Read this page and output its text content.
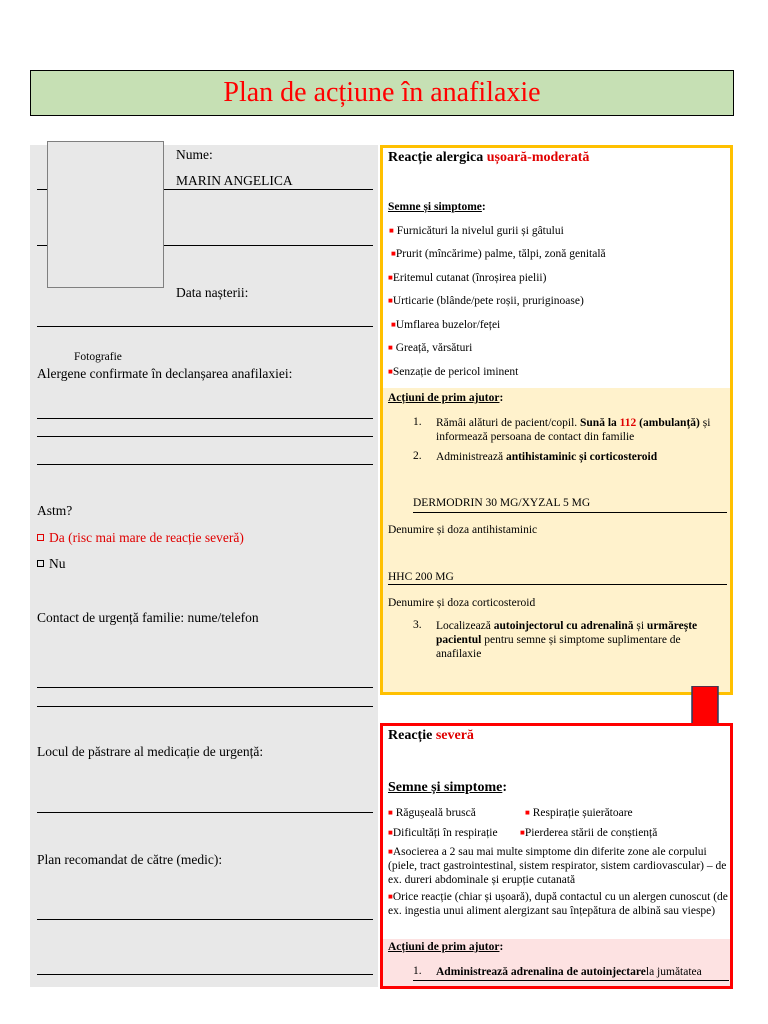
Plan de acțiune în anafilaxie
Nume:
MARIN ANGELICA
Data nașterii:
Alergene confirmate în declanșarea anafilaxiei:
Fotografie
Astm?
Da (risc mai mare de reacție severă)
Nu
Contact de urgență familie: nume/telefon
Locul de păstrare al medicație de urgență:
Plan recomandat de către (medic):
Reacție alergica ușoară-moderată
Semne și simptome:
■ Furnicături la nivelul gurii și gâtului
■Prurit (mîncărime) palme, tălpi, zonă genitală
■Eritemul cutanat (înroșirea pielii)
■Urticarie (blânde/pete roșii, pruriginoase)
■Umflarea buzelor/feței
■ Greață, vărsături
■Senzație de pericol iminent
Acțiuni de prim ajutor:
1. Rămâi alături de pacient/copil. Sună la 112 (ambulanță) și informează persoana de contact din familie
2. Administrează antihistaminic și corticosteroid
DERMODRIN 30 MG/XYZAL 5 MG
Denumire și doza antihistaminic
HHC 200 MG
Denumire și doza corticosteroid
3. Localizează autoinjectorul cu adrenalină și urmărește pacientul pentru semne și simptome suplimentare de anafilaxie
Reacție severă
Semne și simptome:
■ Răgușeală bruscă	■ Respirație șuierătoare
■Dificultăți în respirație	■Pierderea stării de conștiență
■Asocierea a 2 sau mai multe simptome din diferite zone ale corpului (piele, tract gastrointestinal, sistem respirator, sistem cardiovascular) – de ex. dureri abdominale și erupție cutanată
■Orice reacție (chiar și ușoară), după contactul cu un alergen cunoscut (de ex. ingestia unui aliment alergizant sau înțepătura de albină sau viespe)
Acțiuni de prim ajutor:
1. Administrează adrenalina de autoinjectarela jumătatea
